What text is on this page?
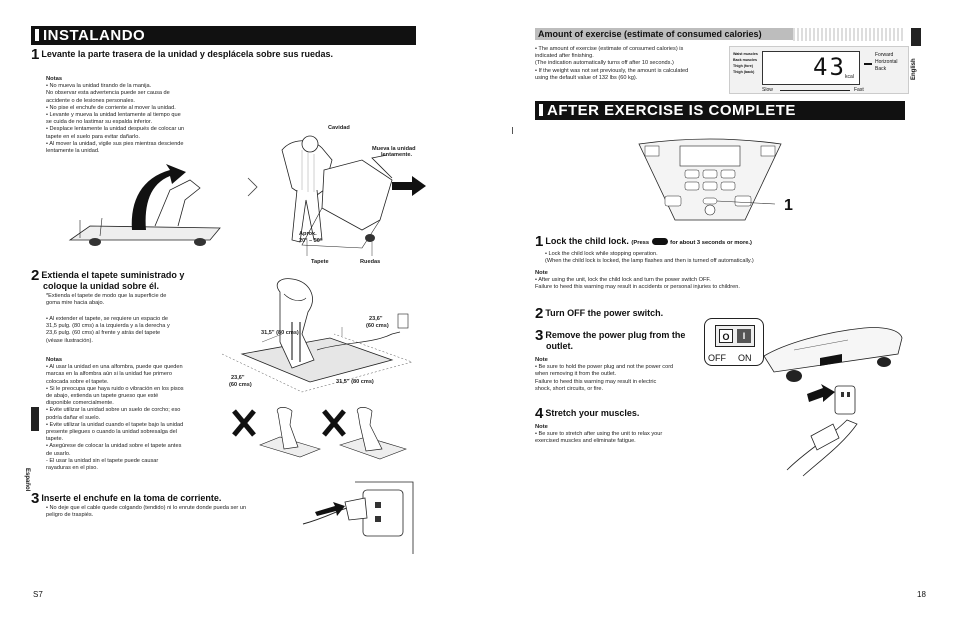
INSTALANDO
1 Levante la parte trasera de la unidad y desplácela sobre sus ruedas.
Notas
• No mueva la unidad tirando de la manija.
No observar esta advertencia puede ser causa de
accidente o de lesiones personales.
• No pise el enchufe de corriente al mover la unidad.
• Levante y mueva la unidad lentamente al tiempo que
se cuida de no lastimar su espalda inferior.
• Desplace lentamente la unidad después de colocar un
tapete en el suelo para evitar dañarlo.
• Al mover la unidad, vigile sus pies mientras desciende
lentamente la unidad.
Cavidad
Mueva la unidad
lentamente.
Aprox.
20° – 50°
Tapete	Ruedas
2 Extienda el tapete suministrado y
coloque la unidad sobre él.
*Extienda el tapete de modo que la superficie de
goma mire hacia abajo.
• Al extender el tapete, se requiere un espacio de
31,5 pulg. (80 cms) a la izquierda y a la derecha y
23,6 pulg. (60 cms) al frente y atrás del tapete
(véase ilustración).
Notas
• Al usar la unidad en una alfombra, puede que queden
marcas en la alfombra aún si la unidad fue primero
colocada sobre el tapete.
• Si le preocupa que haya ruido o vibración en los pisos
de abajo, extienda un tapete grueso que esté
disponible comercialmente.
• Evite utilizar la unidad sobre un suelo de corcho; eso
podría dañar el suelo.
• Evite utilizar la unidad cuando el tapete bajo la unidad
presente pliegues o cuando la unidad sobresalga del
tapete.
• Asegúrese de colocar la unidad sobre el tapete antes
de usarlo.
- El usar la unidad sin el tapete puede causar
rayaduras en el piso.
23,6"
(60 cms)
31,5" (80 cms)
23,6"
(60 cms)	31,5" (80 cms)
3 Inserte el enchufe en la toma de corriente.
• No deje que el cable quede colgando (tendido) ni lo enrute donde pueda ser un
peligro de traspiés.
Español
S7
Amount of exercise (estimate of consumed calories)
English
• The amount of exercise (estimate of consumed calories) is
indicated after finishing.
(The indication automatically turns off after 10 seconds.)
• If the weight was not set previously, the amount is calculated
using the default value of 132 lbs (60 kg).
Waist muscles
Back muscles
Thigh (fore)
Thigh (back) 43 kcal
Forward
Horizontal
Back
Slow	Fast
AFTER EXERCISE IS COMPLETE
1
1 Lock the child lock. (Press	for about 3 seconds or more.)
• Lock the child lock while stopping operation.
(When the child lock is locked, the lamp flashes and then is turned off automatically.)
Note
• After using the unit, lock the child lock and turn the power switch OFF.
Failure to heed this warning may result in accidents or personal injuries to children.
2 Turn OFF the power switch.
3 Remove the power plug from the
outlet.
Note
• Be sure to hold the power plug and not the power cord
when removing it from the outlet.
Failure to heed this warning may result in electric
shock, short circuits, or fire.
O	I
OFF ON
4 Stretch your muscles.
Note
• Be sure to stretch after using the unit to relax your
exercised muscles and eliminate fatigue.
18
